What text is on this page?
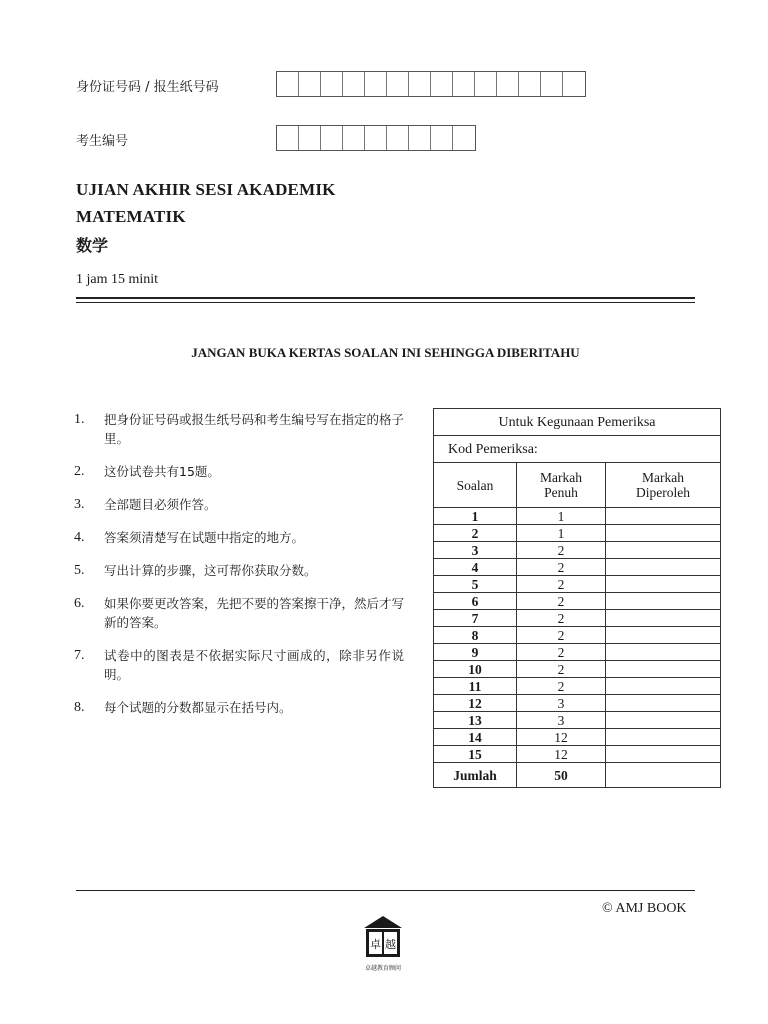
身份证号码 / 报生纸号码
考生编号
UJIAN AKHIR SESI AKADEMIK
MATEMATIK
数学
1 jam 15 minit
JANGAN BUKA KERTAS SOALAN INI SEHINGGA DIBERITAHU
1.	把身份证号码或报生纸号码和考生编号写在指定的格子里。
2.	这份试卷共有15题。
3.	全部题目必须作答。
4.	答案须清楚写在试题中指定的地方。
5.	写出计算的步骤，这可帮你获取分数。
6.	如果你要更改答案，先把不要的答案擦干净，然后才写新的答案。
7.	试卷中的图表是不依据实际尺寸画成的，除非另作说明。
8.	每个试题的分数都显示在括号内。
Untuk Kegunaan Pemeriksa		
Kod Pemeriksa:		
Soalan	Markah Penuh	Markah Diperoleh
1	1	
2	1	
3	2	
4	2	
5	2	
6	2	
7	2	
8	2	
9	2	
10	2	
11	2	
12	3	
13	3	
14	12	
15	12	
Jumlah	50	
© AMJ BOOK
卓 越
卓越教育顾问
